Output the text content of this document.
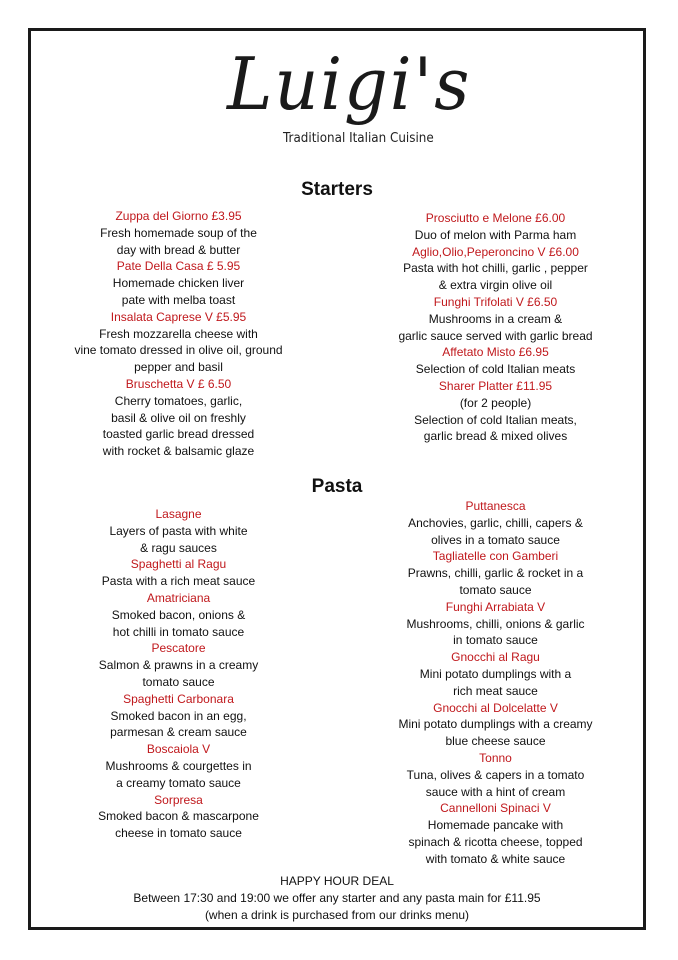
Luigi's
Traditional Italian Cuisine
Starters
Zuppa del Giorno £3.95
Fresh homemade soup of the
day with bread & butter
Pate Della Casa £ 5.95
Homemade chicken liver
pate with melba toast
Insalata Caprese V £5.95
Fresh mozzarella cheese with
vine tomato dressed in olive oil, ground
pepper and basil
Bruschetta V £ 6.50
Cherry tomatoes, garlic,
basil & olive oil on freshly
toasted garlic bread dressed
with rocket & balsamic glaze
Prosciutto e Melone £6.00
Duo of melon with Parma ham
Aglio,Olio,Peperoncino V £6.00
Pasta with hot chilli, garlic , pepper
& extra virgin olive oil
Funghi Trifolati V £6.50
Mushrooms in a cream &
garlic sauce served with garlic bread
Affetato Misto £6.95
Selection of cold Italian meats
Sharer Platter £11.95
(for 2 people)
Selection of cold Italian meats,
garlic bread & mixed olives
Pasta
Lasagne
Layers of pasta with white
& ragu sauces
Spaghetti al Ragu
Pasta with a rich meat sauce
Amatriciana
Smoked bacon, onions &
hot chilli in tomato sauce
Pescatore
Salmon & prawns in a creamy
tomato sauce
Spaghetti Carbonara
Smoked bacon in an egg,
parmesan & cream sauce
Boscaiola V
Mushrooms & courgettes in
a creamy tomato sauce
Sorpresa
Smoked bacon & mascarpone
cheese in tomato sauce
Puttanesca
Anchovies, garlic, chilli, capers &
olives in a tomato sauce
Tagliatelle con Gamberi
Prawns, chilli, garlic & rocket in a
tomato sauce
Funghi Arrabiata V
Mushrooms, chilli, onions & garlic
in tomato sauce
Gnocchi al Ragu
Mini potato dumplings with a
rich meat sauce
Gnocchi al Dolcelatte V
Mini potato dumplings with a creamy
blue cheese sauce
Tonno
Tuna, olives & capers in a tomato
sauce with a hint of cream
Cannelloni Spinaci V
Homemade pancake with
spinach & ricotta cheese, topped
with tomato & white sauce
HAPPY HOUR DEAL
Between 17:30 and 19:00 we offer any starter and any pasta main for £11.95
(when a drink is purchased from our drinks menu)
